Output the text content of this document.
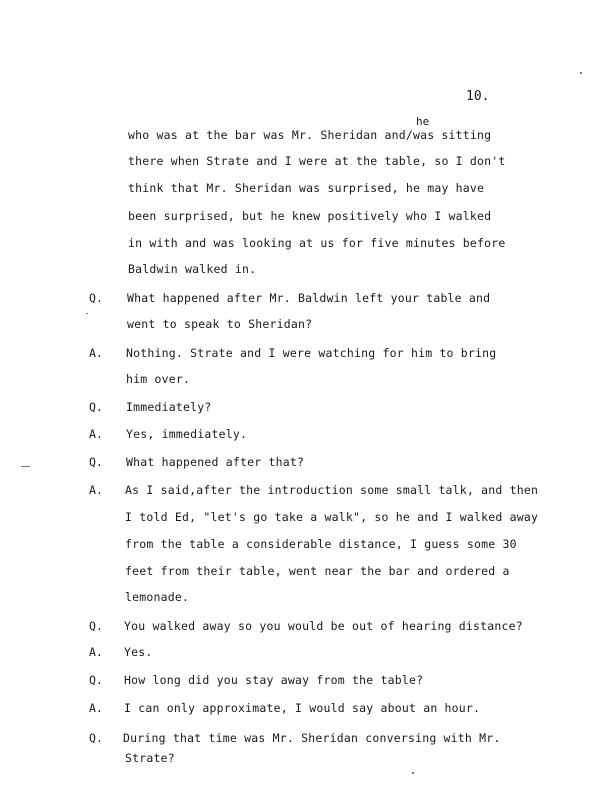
10.
he
who was at the bar was Mr. Sheridan and/was sitting
there when Strate and I were at the table, so I don't
think that Mr. Sheridan was surprised, he may have
been surprised, but he knew positively who I walked
in with and was looking at us for five minutes before
Baldwin walked in.
Q. What happened after Mr. Baldwin left your table and
went to speak to Sheridan?
A. Nothing. Strate and I were watching for him to bring
him over.
Q. Immediately?
A. Yes, immediately.
Q. What happened after that?
A. As I said,after the introduction some small talk, and then
I told Ed, "let's go take a walk", so he and I walked away
from the table a considerable distance, I guess some 30
feet from their table, went near the bar and ordered a
lemonade.
Q. You walked away so you would be out of hearing distance?
A. Yes.
Q. How long did you stay away from the table?
A. I can only approximate, I would say about an hour.
Q. During that time was Mr. Sheridan conversing with Mr.
Strate?
